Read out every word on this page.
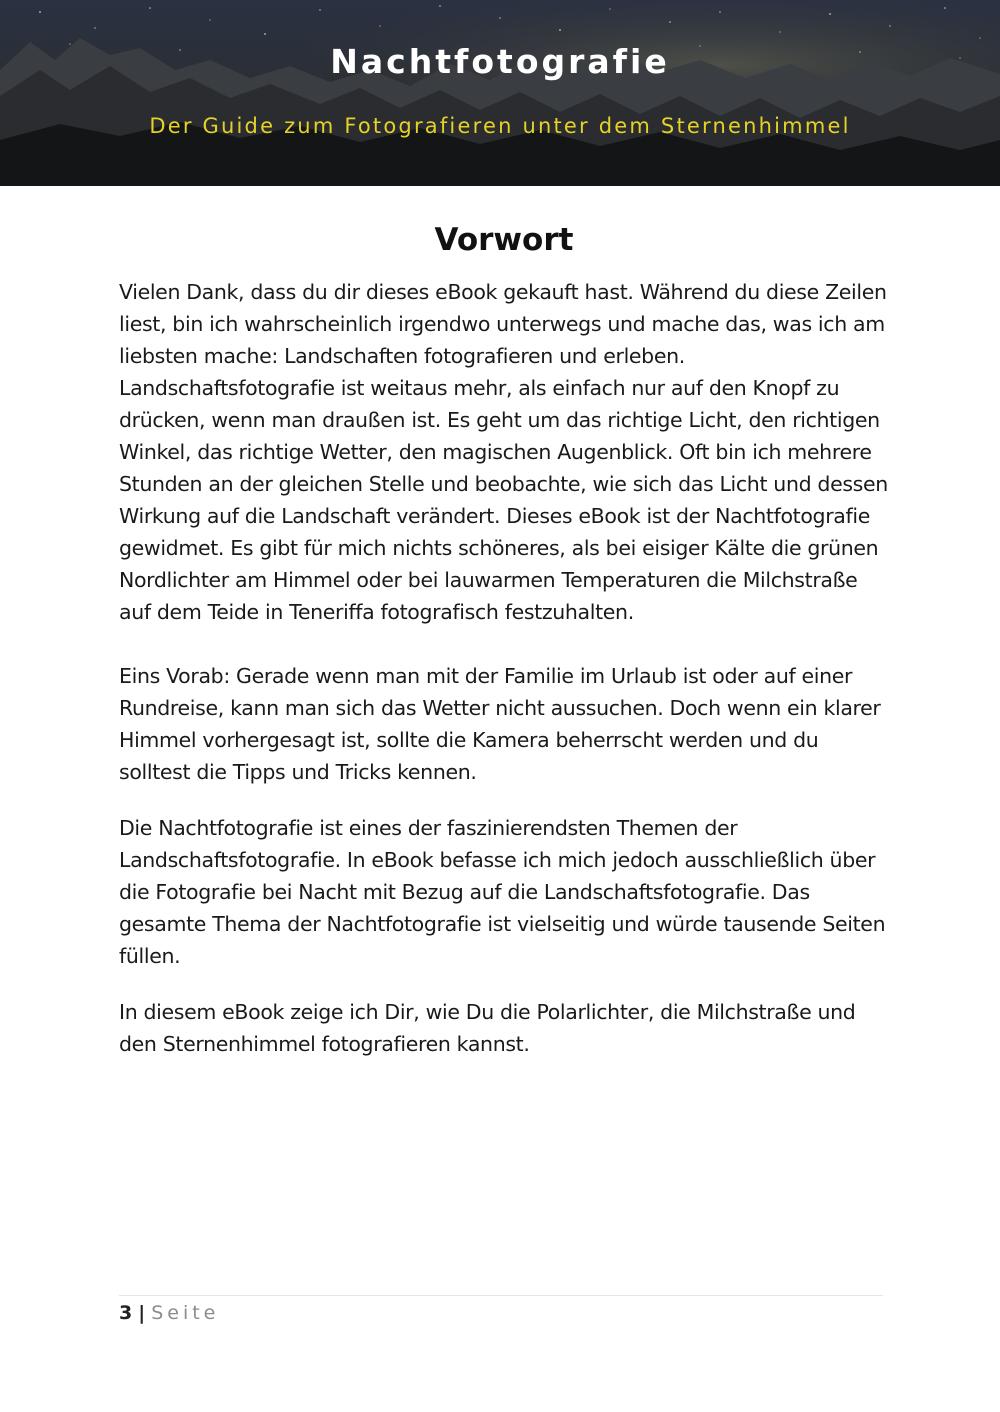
Nachtfotografie
Der Guide zum Fotografieren unter dem Sternenhimmel
Vorwort

Vielen Dank, dass du dir dieses eBook gekauft hast. Während du diese Zeilen liest, bin ich wahrscheinlich irgendwo unterwegs und mache das, was ich am liebsten mache: Landschaften fotografieren und erleben. Landschaftsfotografie ist weitaus mehr, als einfach nur auf den Knopf zu drücken, wenn man draußen ist. Es geht um das richtige Licht, den richtigen Winkel, das richtige Wetter, den magischen Augenblick. Oft bin ich mehrere Stunden an der gleichen Stelle und beobachte, wie sich das Licht und dessen Wirkung auf die Landschaft verändert. Dieses eBook ist der Nachtfotografie gewidmet. Es gibt für mich nichts schöneres, als bei eisiger Kälte die grünen Nordlichter am Himmel oder bei lauwarmen Temperaturen die Milchstraße auf dem Teide in Teneriffa fotografisch festzuhalten.

Eins Vorab: Gerade wenn man mit der Familie im Urlaub ist oder auf einer Rundreise, kann man sich das Wetter nicht aussuchen. Doch wenn ein klarer Himmel vorhergesagt ist, sollte die Kamera beherrscht werden und du solltest die Tipps und Tricks kennen.

Die Nachtfotografie ist eines der faszinierendsten Themen der Landschaftsfotografie. In eBook befasse ich mich jedoch ausschließlich über die Fotografie bei Nacht mit Bezug auf die Landschaftsfotografie. Das gesamte Thema der Nachtfotografie ist vielseitig und würde tausende Seiten füllen.

In diesem eBook zeige ich Dir, wie Du die Polarlichter, die Milchstraße und den Sternenhimmel fotografieren kannst.

3 | Seite
